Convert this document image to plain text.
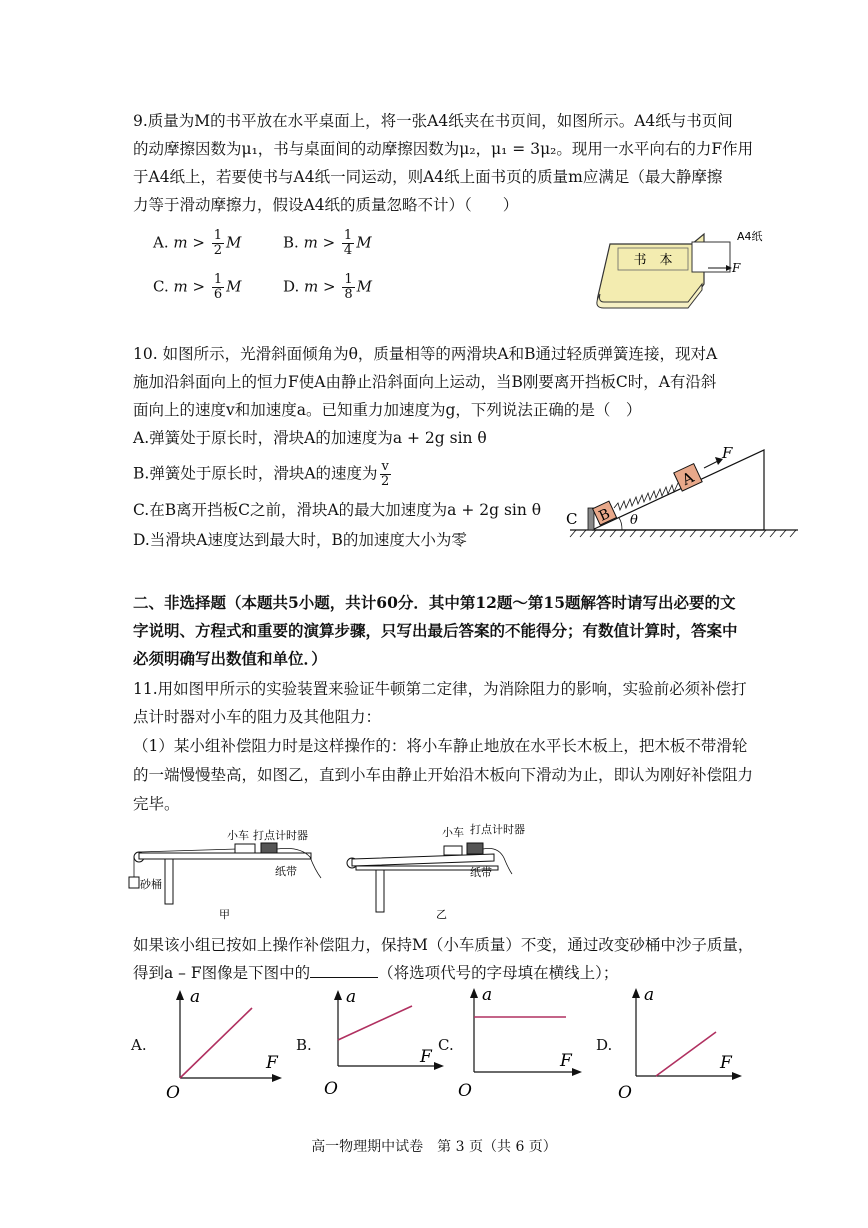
9.质量为M的书平放在水平桌面上，将一张A4纸夹在书页间，如图所示。A4纸与书页间
的动摩擦因数为μ₁，书与桌面间的动摩擦因数为μ₂，μ₁ = 3μ₂。现用一水平向右的力F作用
于A4纸上，若要使书与A4纸一同运动，则A4纸上面书页的质量m应满足（最大静摩擦
力等于滑动摩擦力，假设A4纸的质量忽略不计）（　　）
A. $m > \frac{1}{2}$ M	B. $m > \frac{1}{4}$ M
C. $m > \frac{1}{6}$ M	D. $m > \frac{1}{8}$ M
书　本
A4纸
F
10. 如图所示，光滑斜面倾角为θ，质量相等的两滑块A和B通过轻质弹簧连接，现对A
施加沿斜面向上的恒力F使A由静止沿斜面向上运动，当B刚要离开挡板C时，A有沿斜
面向上的速度v和加速度a。已知重力加速度为g，下列说法正确的是（　）
A.弹簧处于原长时，滑块A的加速度为a + 2g sin θ
B.弹簧处于原长时，滑块A的速度为 $\frac{v}{2}$
C.在B离开挡板C之前，滑块A的最大加速度为a + 2g sin θ
D.当滑块A速度达到最大时，B的加速度大小为零
θ
C B
A
F
二、非选择题（本题共5小题，共计60分．其中第12题～第15题解答时请写出必要的文
字说明、方程式和重要的演算步骤，只写出最后答案的不能得分；有数值计算时，答案中
必须明确写出数值和单位．）
11.用如图甲所示的实验装置来验证牛顿第二定律，为消除阻力的影响，实验前必须补偿打
点计时器对小车的阻力及其他阻力：
（1）某小组补偿阻力时是这样操作的：将小车静止地放在水平长木板上，把木板不带滑轮
的一端慢慢垫高，如图乙，直到小车由静止开始沿木板向下滑动为止，即认为刚好补偿阻力
完毕。
砂桶
小车 打点计时器
纸带
甲
小车 打点计时器
纸带
乙
如果该小组已按如上操作补偿阻力，保持M（小车质量）不变，通过改变砂桶中沙子质量，
得到a – F图像是下图中的	（将选项代号的字母填在横线上）；
A.
a
F
O
B.
a
F
O
C.
a
F
O
D.
a
F
O
高一物理期中试卷　第 3 页（共 6 页）
